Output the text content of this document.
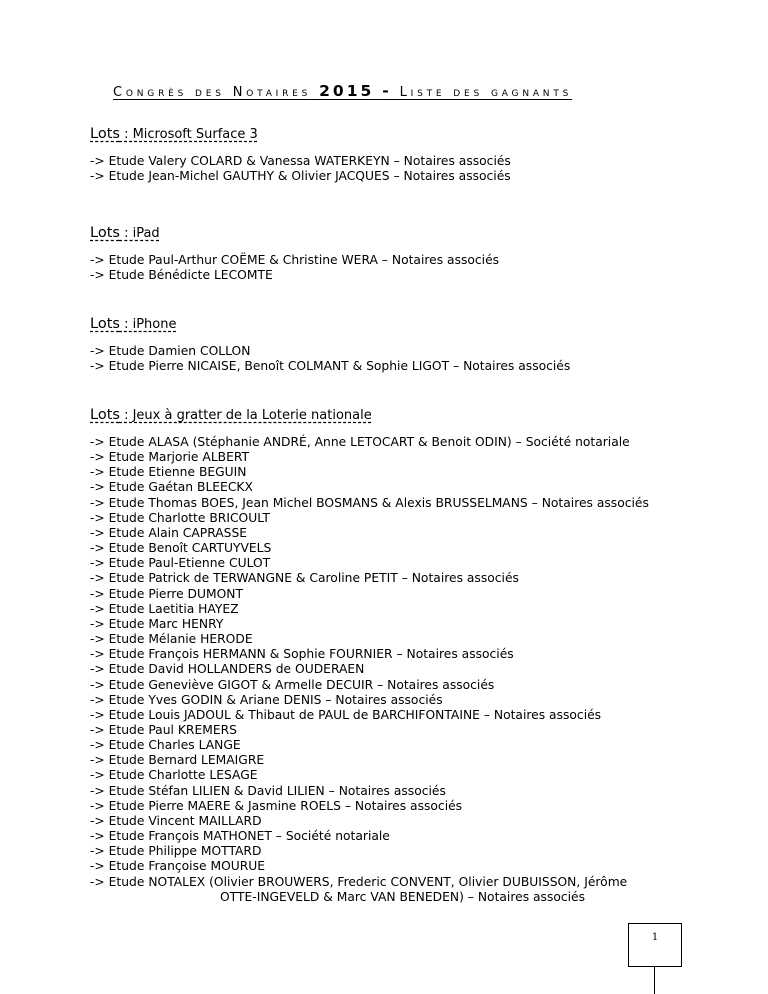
Congrès des Notaires 2015 - Liste des gagnants
Lots : Microsoft Surface 3
-> Etude Valery COLARD & Vanessa WATERKEYN – Notaires associés
-> Etude Jean-Michel GAUTHY & Olivier JACQUES – Notaires associés
Lots : iPad
-> Etude Paul-Arthur COËME & Christine WERA – Notaires associés
-> Etude Bénédicte LECOMTE
Lots : iPhone
-> Etude Damien COLLON
-> Etude Pierre NICAISE, Benoît COLMANT & Sophie LIGOT – Notaires associés
Lots : Jeux à gratter de la Loterie nationale
-> Etude ALASA (Stéphanie ANDRÉ, Anne LETOCART & Benoit ODIN) – Société notariale
-> Etude Marjorie ALBERT
-> Etude Etienne BEGUIN
-> Etude Gaétan BLEECKX
-> Etude Thomas BOES, Jean Michel BOSMANS & Alexis BRUSSELMANS – Notaires associés
-> Etude Charlotte BRICOULT
-> Etude Alain CAPRASSE
-> Etude Benoît CARTUYVELS
-> Etude Paul-Etienne CULOT
-> Etude Patrick de TERWANGNE & Caroline PETIT – Notaires associés
-> Etude Pierre DUMONT
-> Etude Laetitia HAYEZ
-> Etude Marc HENRY
-> Etude Mélanie HERODE
-> Etude François HERMANN & Sophie FOURNIER – Notaires associés
-> Etude David HOLLANDERS de OUDERAEN
-> Etude Geneviève GIGOT & Armelle DECUIR – Notaires associés
-> Etude Yves GODIN & Ariane DENIS – Notaires associés
-> Etude Louis JADOUL & Thibaut de PAUL de BARCHIFONTAINE – Notaires associés
-> Etude Paul KREMERS
-> Etude Charles LANGE
-> Etude Bernard LEMAIGRE
-> Etude Charlotte LESAGE
-> Etude Stéfan LILIEN & David LILIEN – Notaires associés
-> Etude Pierre MAERE & Jasmine ROELS – Notaires associés
-> Etude Vincent MAILLARD
-> Etude François MATHONET – Société notariale
-> Etude Philippe MOTTARD
-> Etude Françoise MOURUE
-> Etude NOTALEX (Olivier BROUWERS, Frederic CONVENT, Olivier DUBUISSON, Jérôme
OTTE-INGEVELD & Marc VAN BENEDEN) – Notaires associés
1
